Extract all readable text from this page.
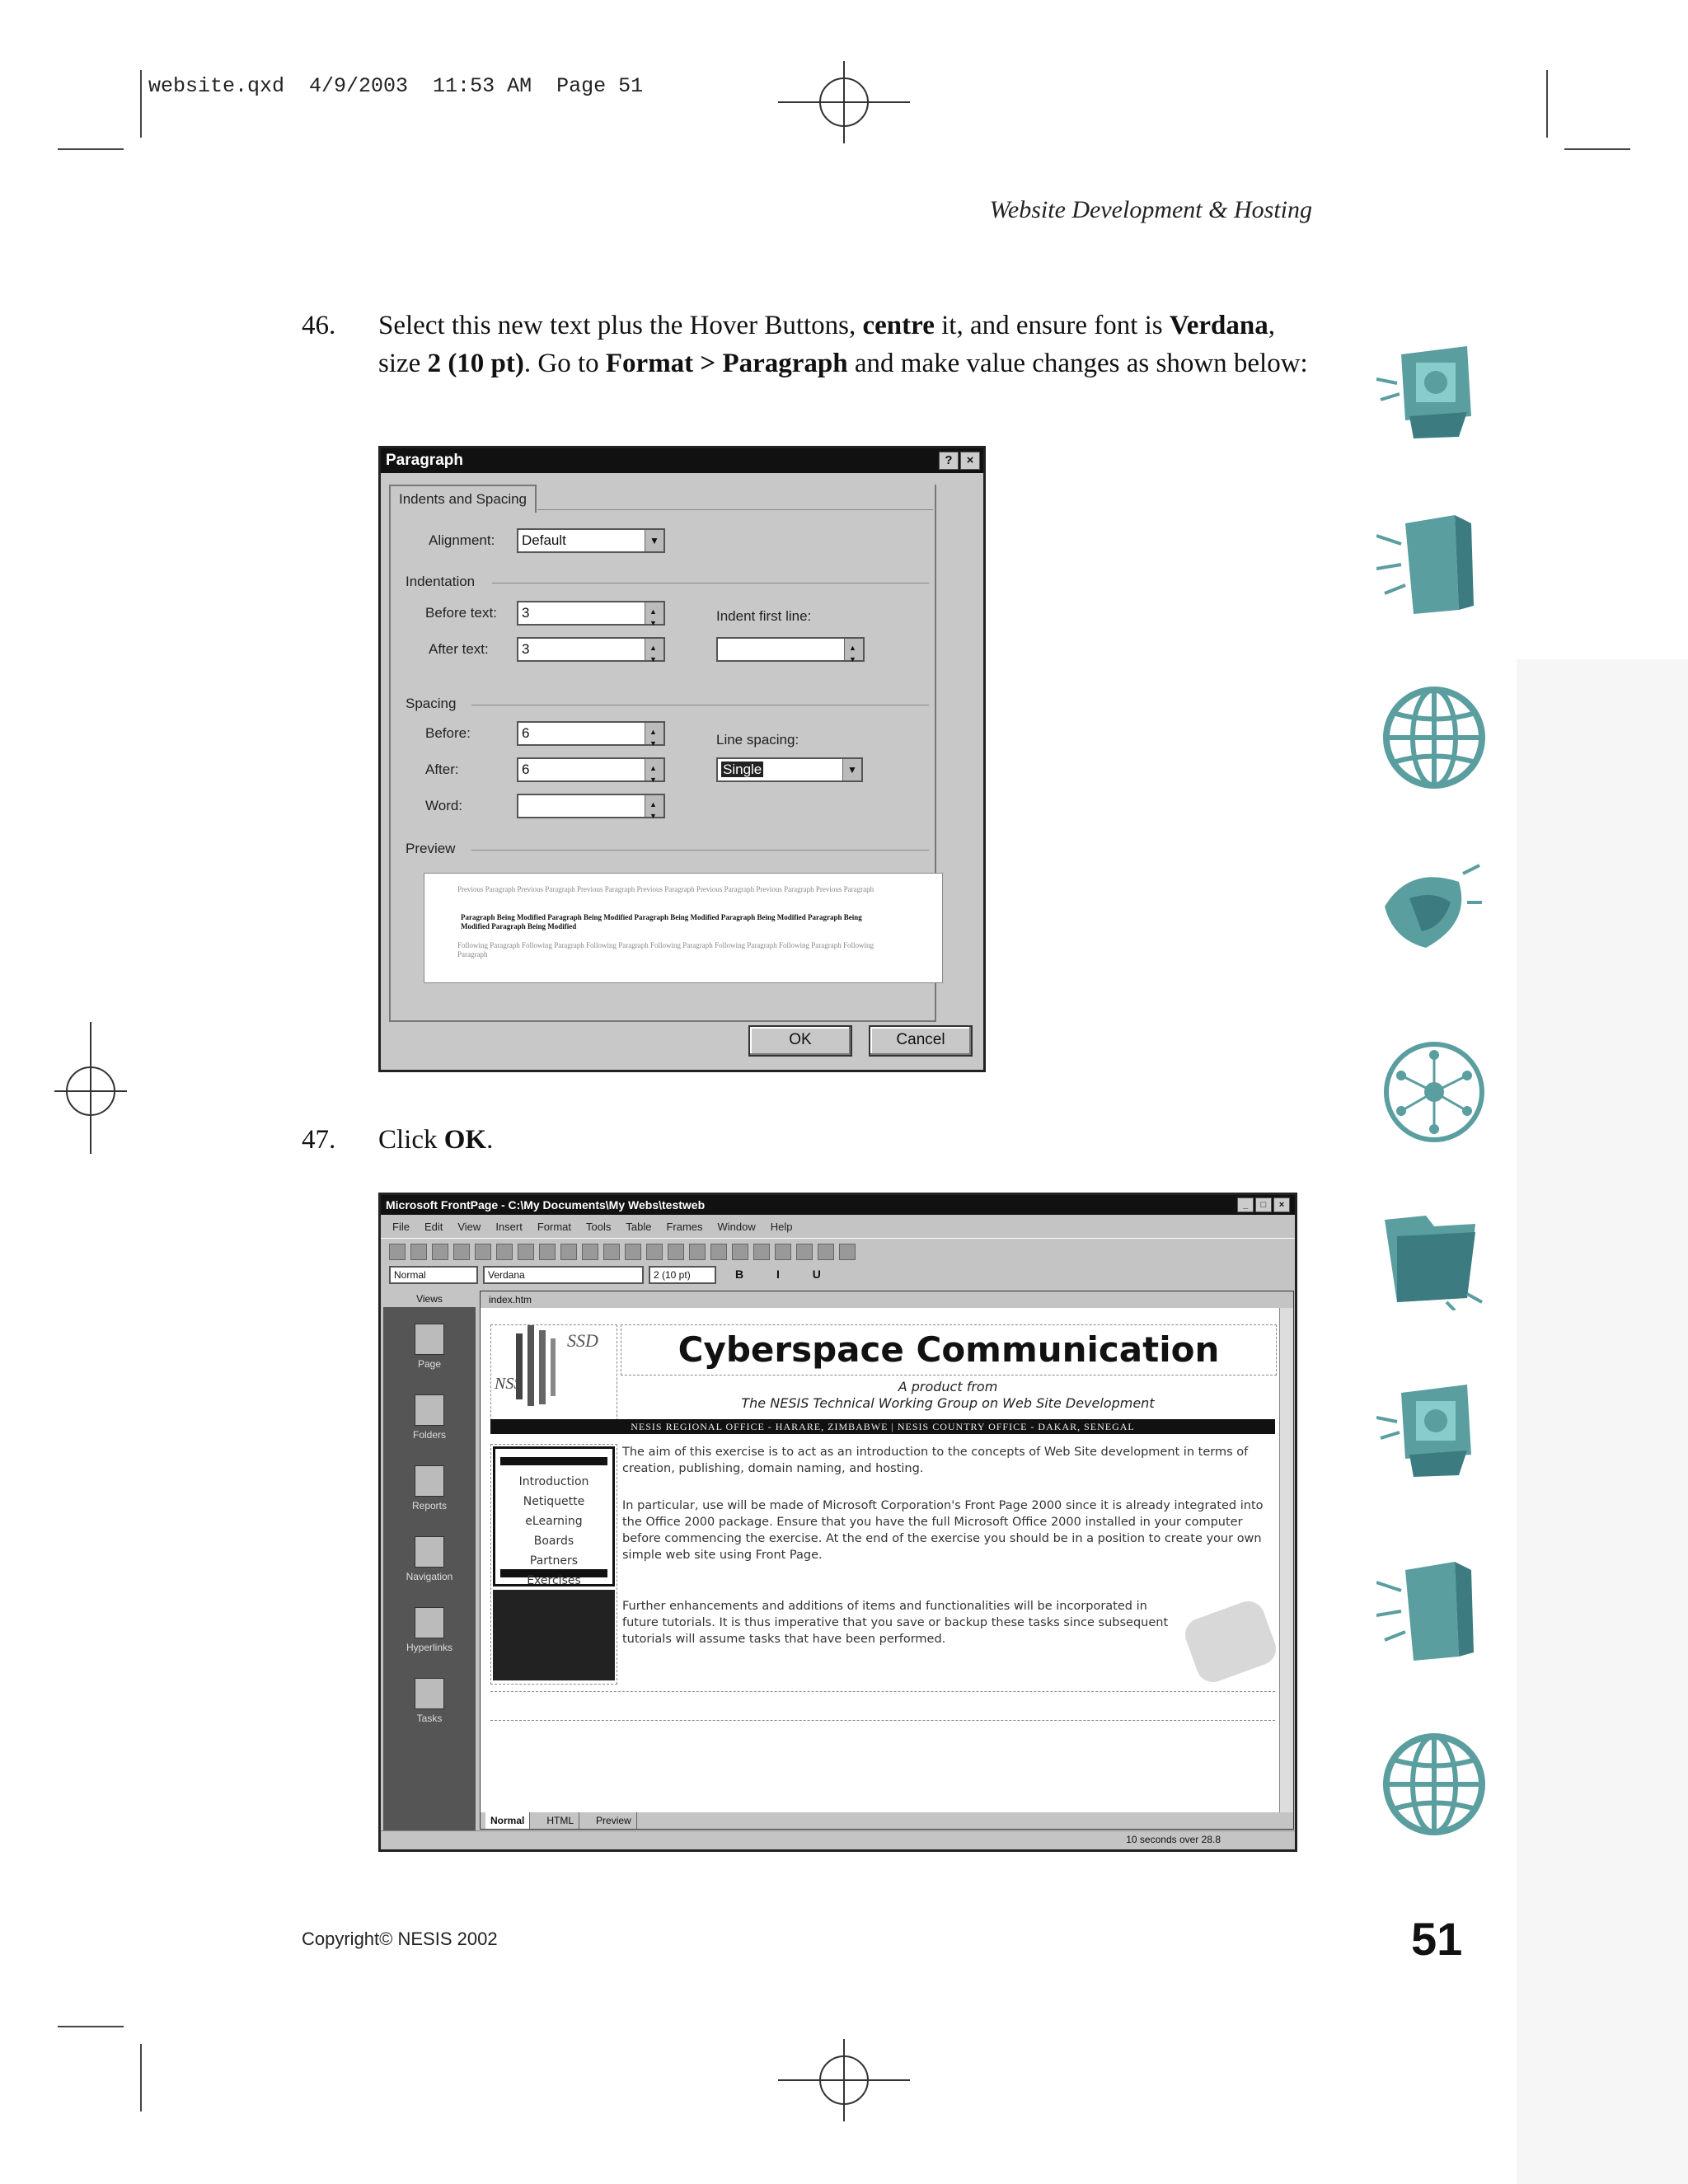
website.qxd  4/9/2003  11:53 AM  Page 51
Website Development & Hosting
46. Select this new text plus the Hover Buttons, centre it, and ensure font is Verdana, size 2 (10 pt). Go to Format > Paragraph and make value changes as shown below:
Paragraph	?	×
Indents and Spacing
Alignment:	Default	▼
Indentation
Before text:	3
▲ ▼
After text:	3
▲ ▼
Indent first line:
▲ ▼
Spacing
Before:	6
▲ ▼
After:	6
▲ ▼
Word:
▲ ▼
Line spacing:
Single	▼
Preview
Previous Paragraph Previous Paragraph Previous Paragraph Previous Paragraph Previous Paragraph Previous Paragraph Previous Paragraph
Paragraph Being Modified Paragraph Being Modified Paragraph Being Modified Paragraph Being Modified Paragraph Being Modified Paragraph Being Modified
Following Paragraph Following Paragraph Following Paragraph Following Paragraph Following Paragraph Following Paragraph Following Paragraph
OK	Cancel
47. Click OK.
Microsoft FrontPage - C:\My Documents\My Webs\testweb	_	□	×
File Edit View Insert Format Tools Table Frames Window Help
Normal	Verdana	2 (10 pt)	B I U
Views
Page
Folders
Reports
Navigation
Hyperlinks
Tasks
index.htm
SSD
NSS
Cyberspace Communication
A product from
The NESIS Technical Working Group on Web Site Development
NESIS REGIONAL OFFICE - HARARE, ZIMBABWE | NESIS COUNTRY OFFICE - DAKAR, SENEGAL
Introduction
Netiquette
eLearning
Boards
Partners
Exercises
The aim of this exercise is to act as an introduction to the concepts of Web Site development in terms of creation, publishing, domain naming, and hosting.
In particular, use will be made of Microsoft Corporation's Front Page 2000 since it is already integrated into the Office 2000 package. Ensure that you have the full Microsoft Office 2000 installed in your computer before commencing the exercise. At the end of the exercise you should be in a position to create your own simple web site using Front Page.
Further enhancements and additions of items and functionalities will be incorporated in future tutorials. It is thus imperative that you save or backup these tasks since subsequent tutorials will assume tasks that have been performed.
Normal HTML Preview
10 seconds over 28.8
Copyright© NESIS 2002	51
